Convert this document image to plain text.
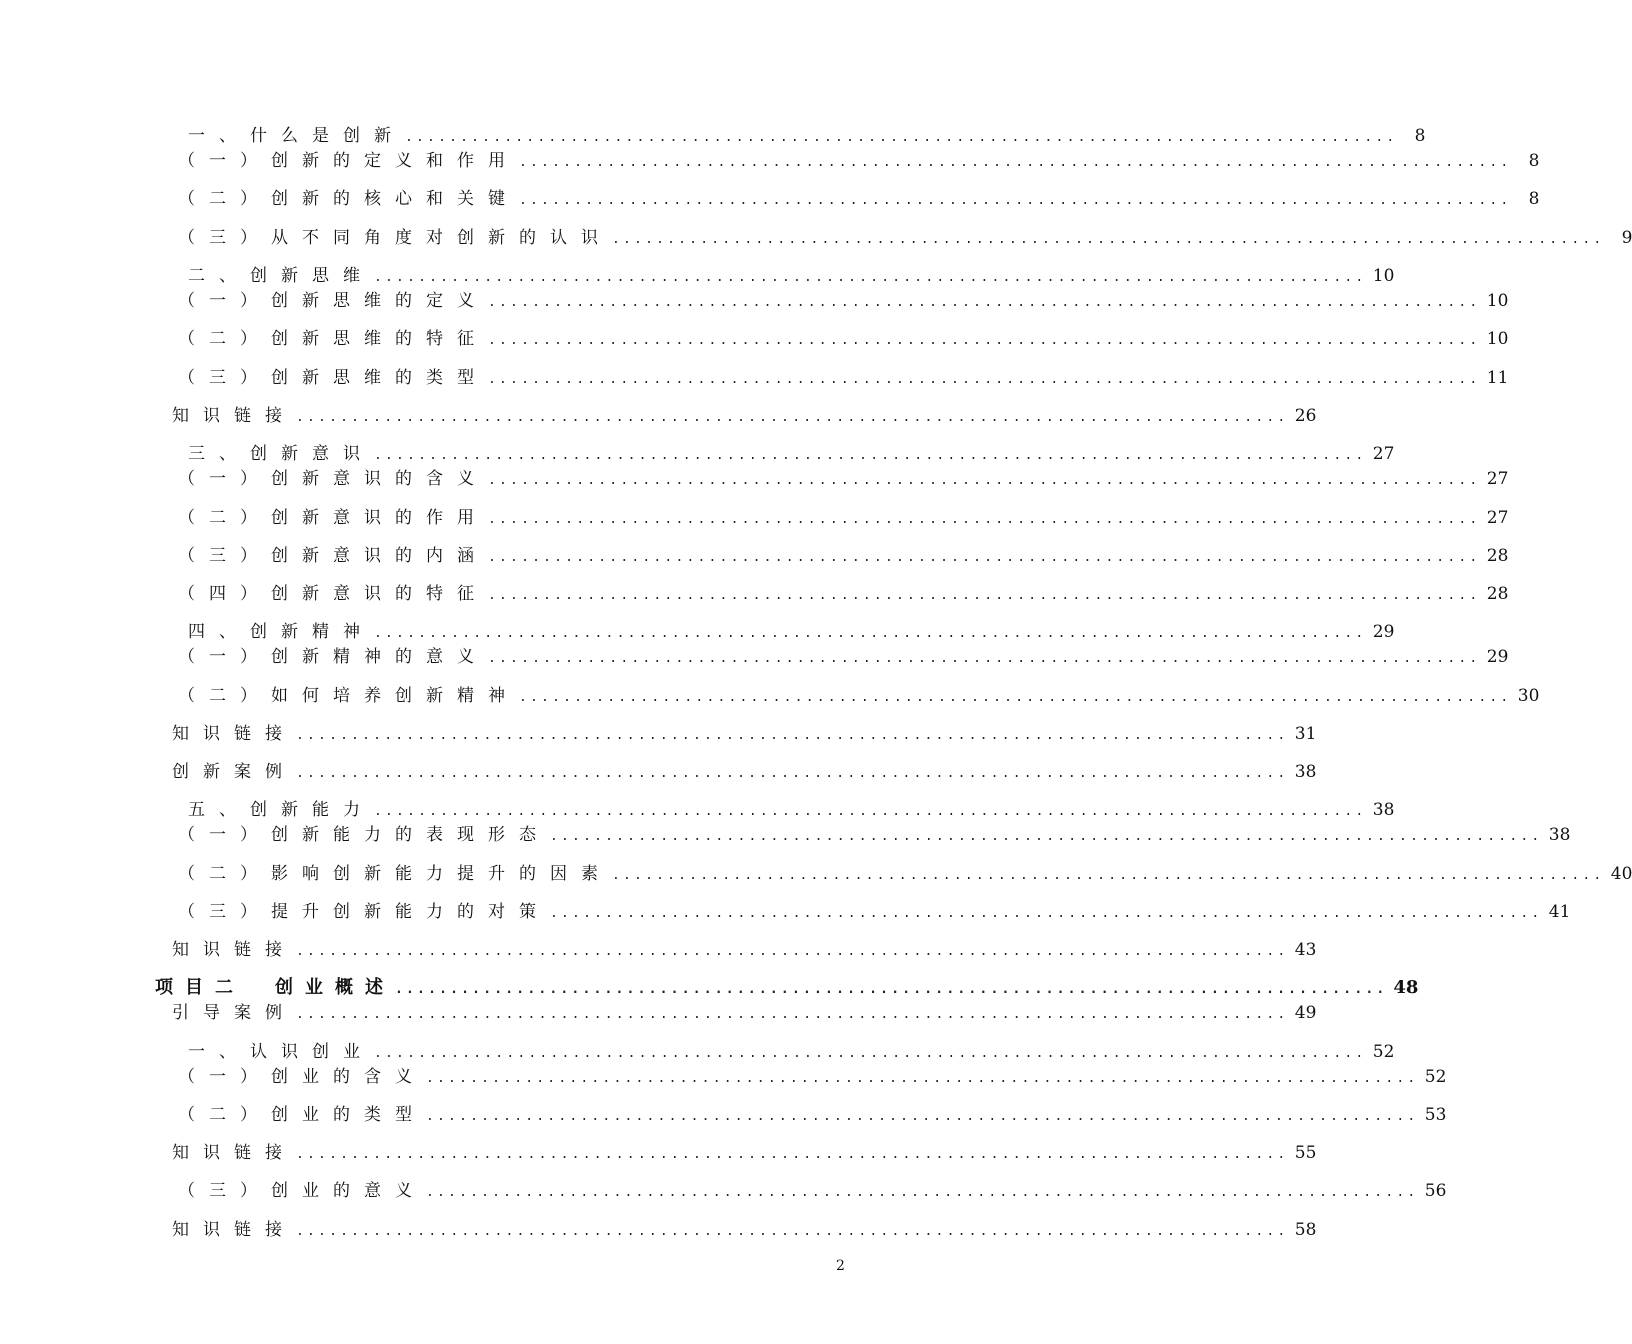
一、什么是创新 ..........................................................................................	8
（一）创新的定义和作用 ..........................................................................................	8
（二）创新的核心和关键 ..........................................................................................	8
（三）从不同角度对创新的认识 ..........................................................................................	9
二、创新思维 .......................................................................................... 10
（一）创新思维的定义 .......................................................................................... 10
（二）创新思维的特征 .......................................................................................... 10
（三）创新思维的类型 .......................................................................................... 11
知识链接 .......................................................................................... 26
三、创新意识 .......................................................................................... 27
（一）创新意识的含义 .......................................................................................... 27
（二）创新意识的作用 .......................................................................................... 27
（三）创新意识的内涵 .......................................................................................... 28
（四）创新意识的特征 .......................................................................................... 28
四、创新精神 .......................................................................................... 29
（一）创新精神的意义 .......................................................................................... 29
（二）如何培养创新精神 .......................................................................................... 30
知识链接 .......................................................................................... 31
创新案例 .......................................................................................... 38
五、创新能力 .......................................................................................... 38
（一）创新能力的表现形态 .......................................................................................... 38
（二）影响创新能力提升的因素 .......................................................................................... 40
（三）提升创新能力的对策 .......................................................................................... 41
知识链接 .......................................................................................... 43
项目二　创业概述 .......................................................................................... 48
引导案例 .......................................................................................... 49
一、认识创业 .......................................................................................... 52
（一）创业的含义 .......................................................................................... 52
（二）创业的类型 .......................................................................................... 53
知识链接 .......................................................................................... 55
（三）创业的意义 .......................................................................................... 56
知识链接 .......................................................................................... 58
2
